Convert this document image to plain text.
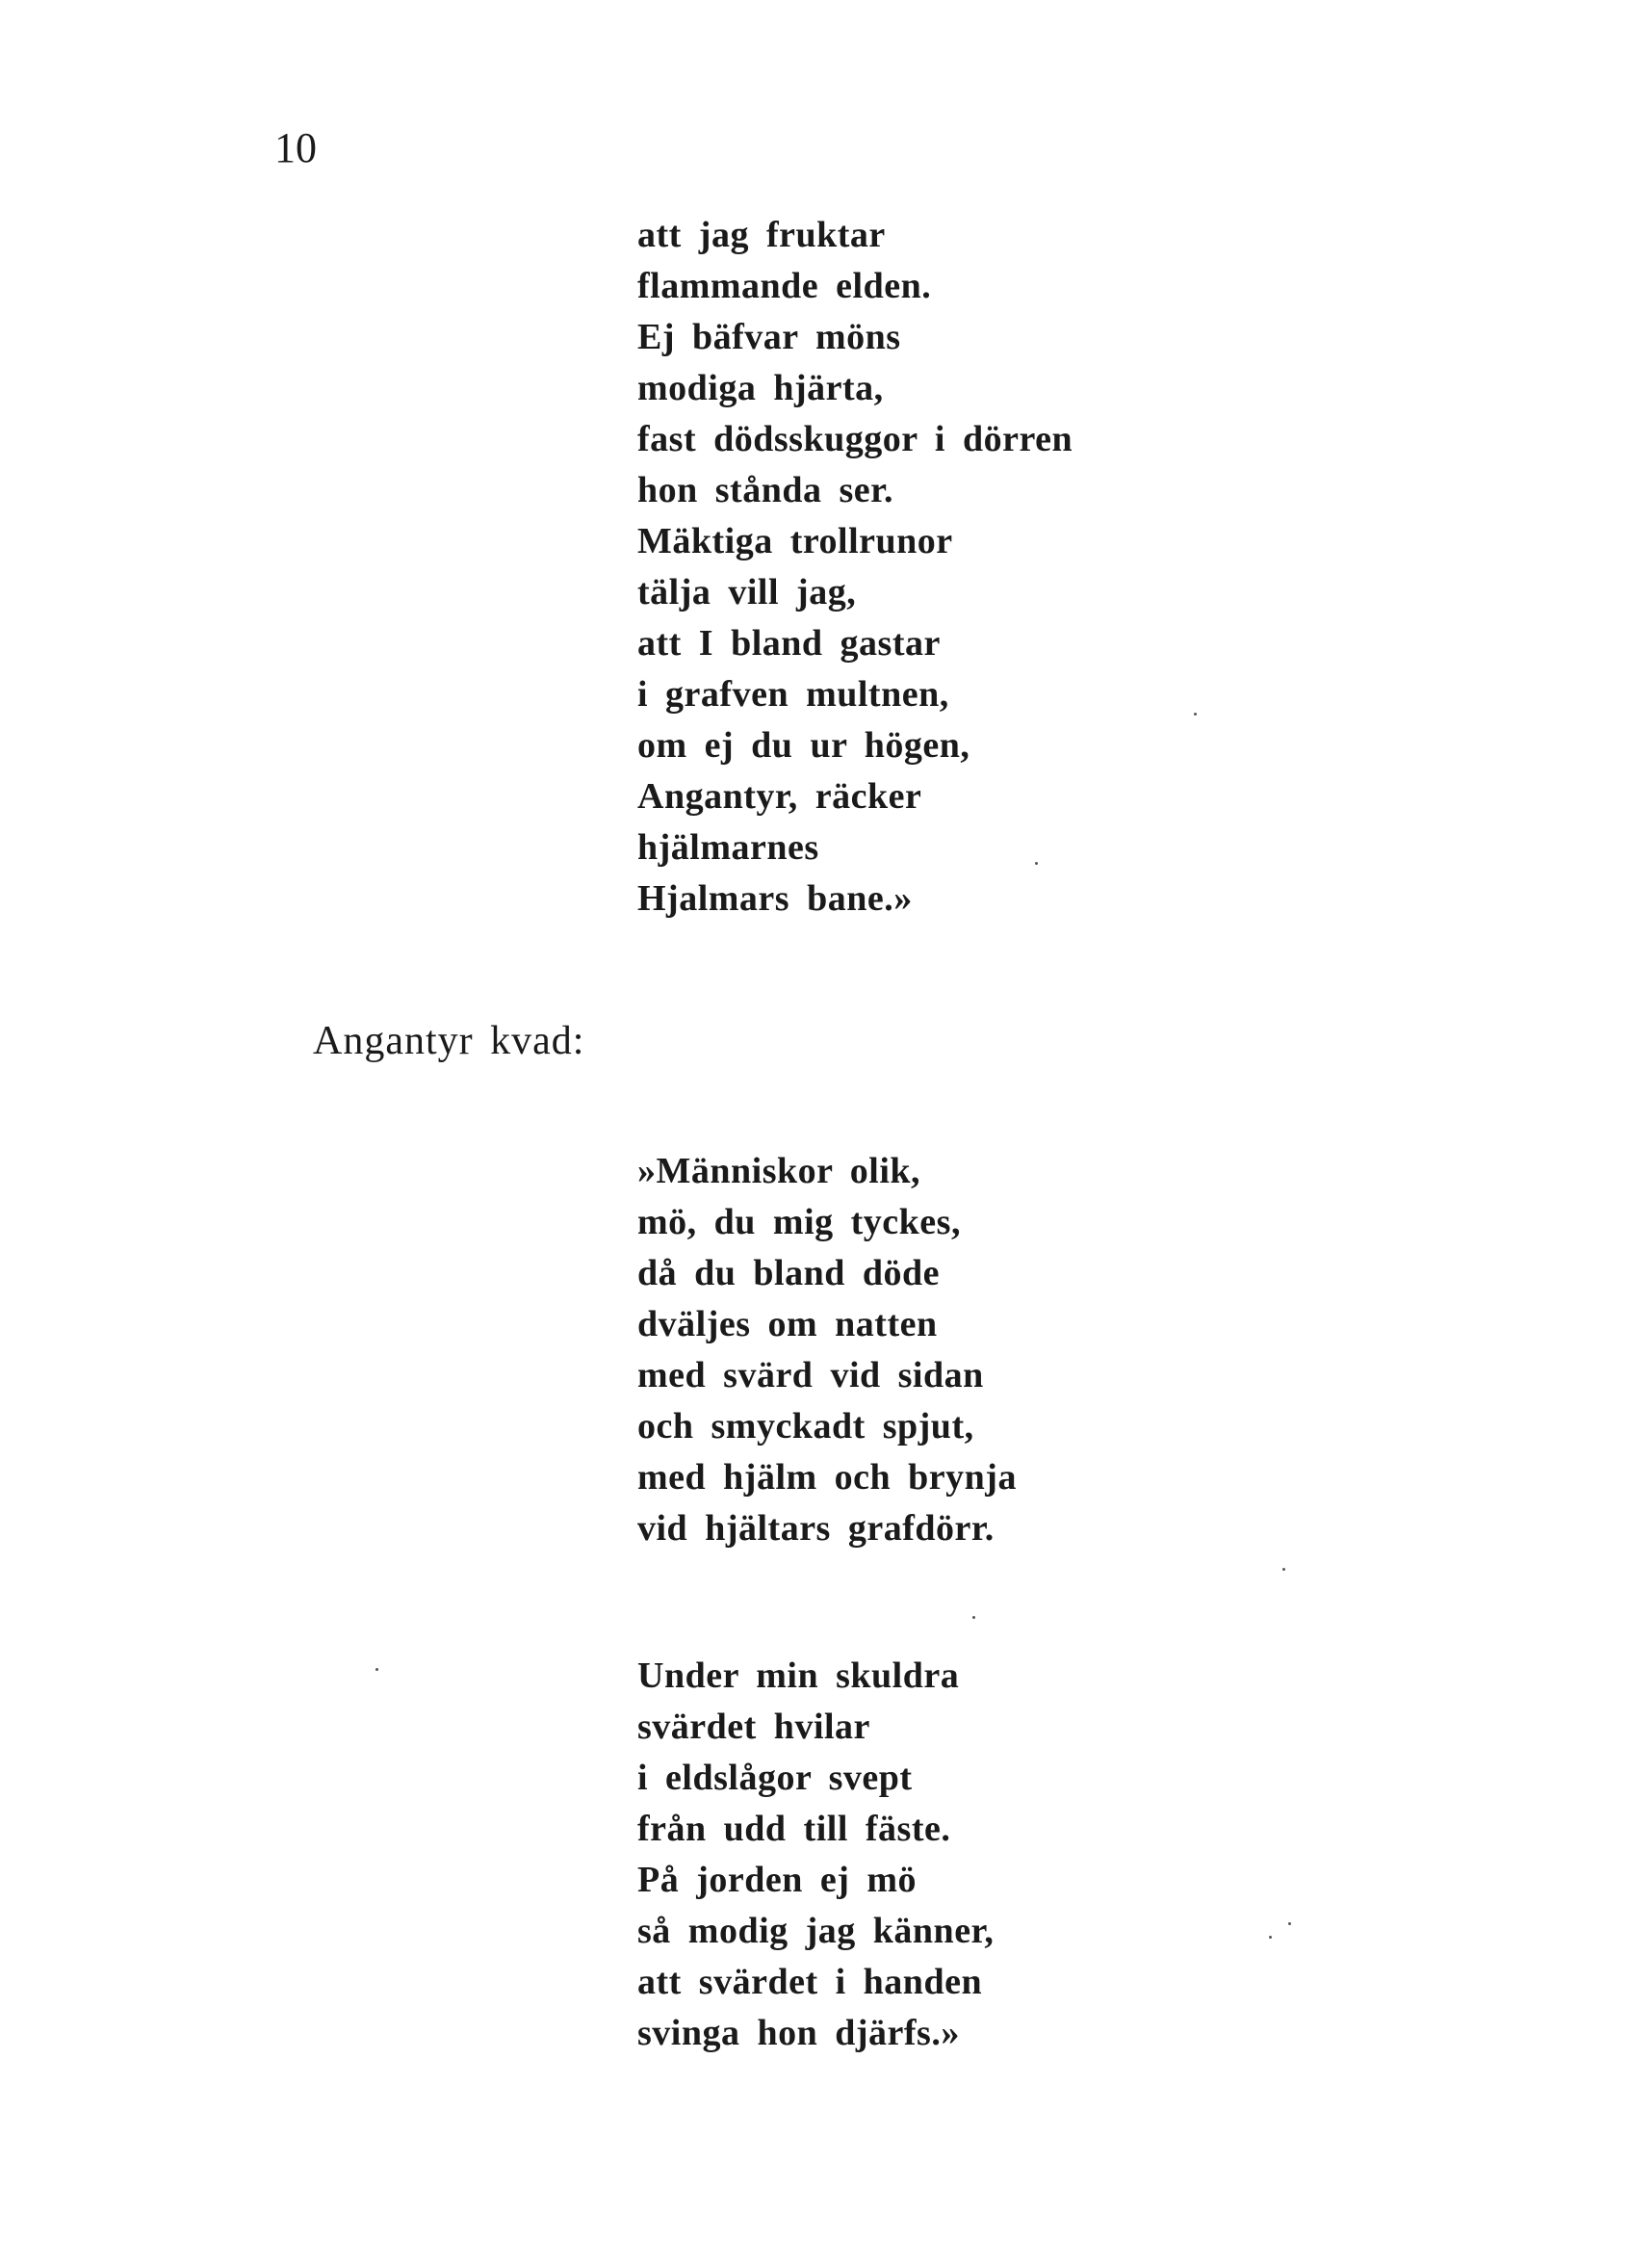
10
att jag fruktar
flammande elden.
Ej bäfvar möns
modiga hjärta,
fast dödsskuggor i dörren
hon stånda ser.
Mäktiga trollrunor
tälja vill jag,
att I bland gastar
i grafven multnen,
om ej du ur högen,
Angantyr, räcker
hjälmarnes
Hjalmars bane.»
Angantyr kvad:
»Människor olik,
mö, du mig tyckes,
då du bland döde
dväljes om natten
med svärd vid sidan
och smyckadt spjut,
med hjälm och brynja
vid hjältars grafdörr.
Under min skuldra
svärdet hvilar
i eldslågor svept
från udd till fäste.
På jorden ej mö
så modig jag känner,
att svärdet i handen
svinga hon djärfs.»
